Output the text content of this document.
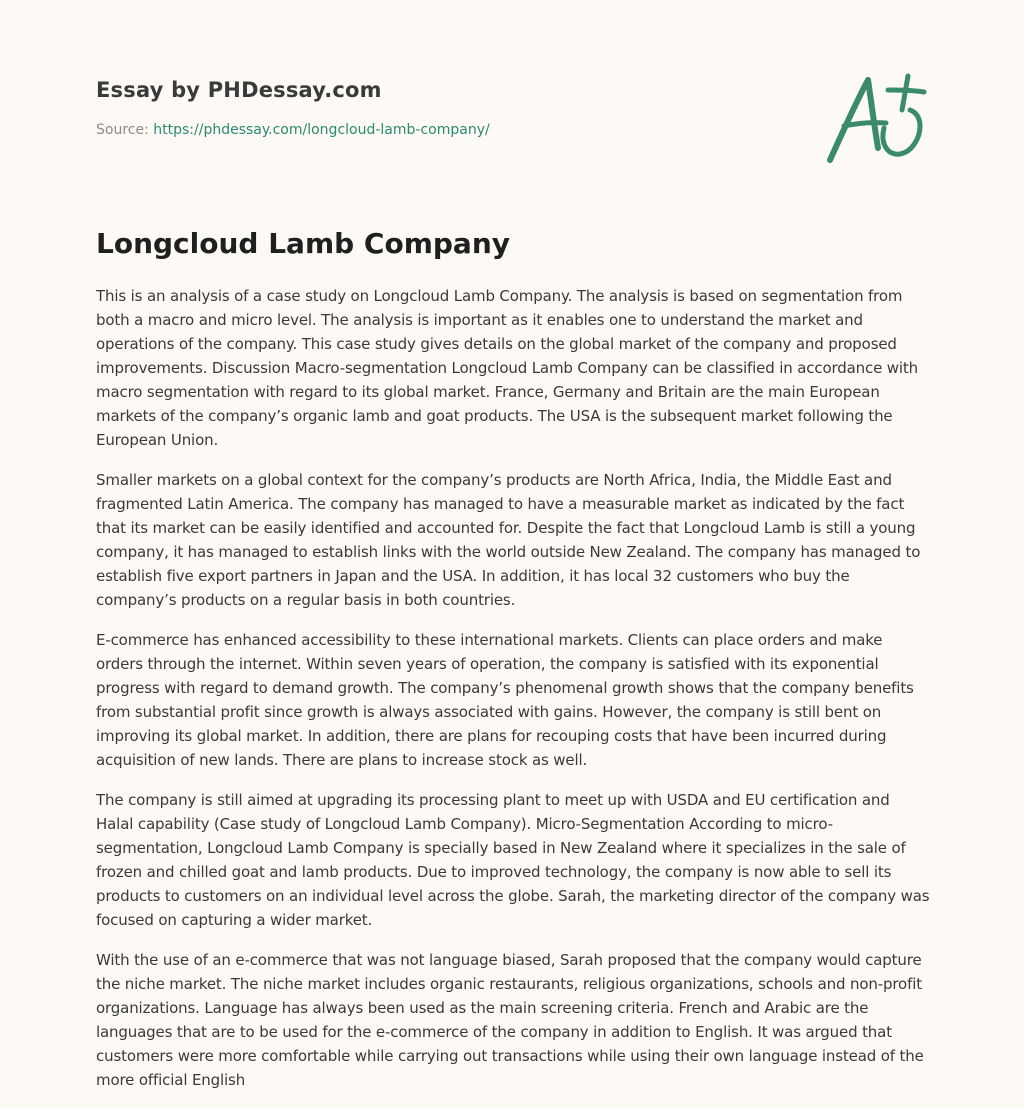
Essay by PHDessay.com
Source: https://phdessay.com/longcloud-lamb-company/
Longcloud Lamb Company

This is an analysis of a case study on Longcloud Lamb Company. The analysis is based on segmentation from both a macro and micro level. The analysis is important as it enables one to understand the market and operations of the company. This case study gives details on the global market of the company and proposed improvements. Discussion Macro-segmentation Longcloud Lamb Company can be classified in accordance with macro segmentation with regard to its global market. France, Germany and Britain are the main European markets of the company’s organic lamb and goat products. The USA is the subsequent market following the European Union.

Smaller markets on a global context for the company’s products are North Africa, India, the Middle East and fragmented Latin America. The company has managed to have a measurable market as indicated by the fact that its market can be easily identified and accounted for. Despite the fact that Longcloud Lamb is still a young company, it has managed to establish links with the world outside New Zealand. The company has managed to establish five export partners in Japan and the USA. In addition, it has local 32 customers who buy the company’s products on a regular basis in both countries.

E-commerce has enhanced accessibility to these international markets. Clients can place orders and make orders through the internet. Within seven years of operation, the company is satisfied with its exponential progress with regard to demand growth. The company’s phenomenal growth shows that the company benefits from substantial profit since growth is always associated with gains. However, the company is still bent on improving its global market. In addition, there are plans for recouping costs that have been incurred during acquisition of new lands. There are plans to increase stock as well.

The company is still aimed at upgrading its processing plant to meet up with USDA and EU certification and Halal capability (Case study of Longcloud Lamb Company). Micro-Segmentation According to micro-segmentation, Longcloud Lamb Company is specially based in New Zealand where it specializes in the sale of frozen and chilled goat and lamb products. Due to improved technology, the company is now able to sell its products to customers on an individual level across the globe. Sarah, the marketing director of the company was focused on capturing a wider market.

With the use of an e-commerce that was not language biased, Sarah proposed that the company would capture the niche market. The niche market includes organic restaurants, religious organizations, schools and non-profit organizations. Language has always been used as the main screening criteria. French and Arabic are the languages that are to be used for the e-commerce of the company in addition to English. It was argued that customers were more comfortable while carrying out transactions while using their own language instead of the more official English
